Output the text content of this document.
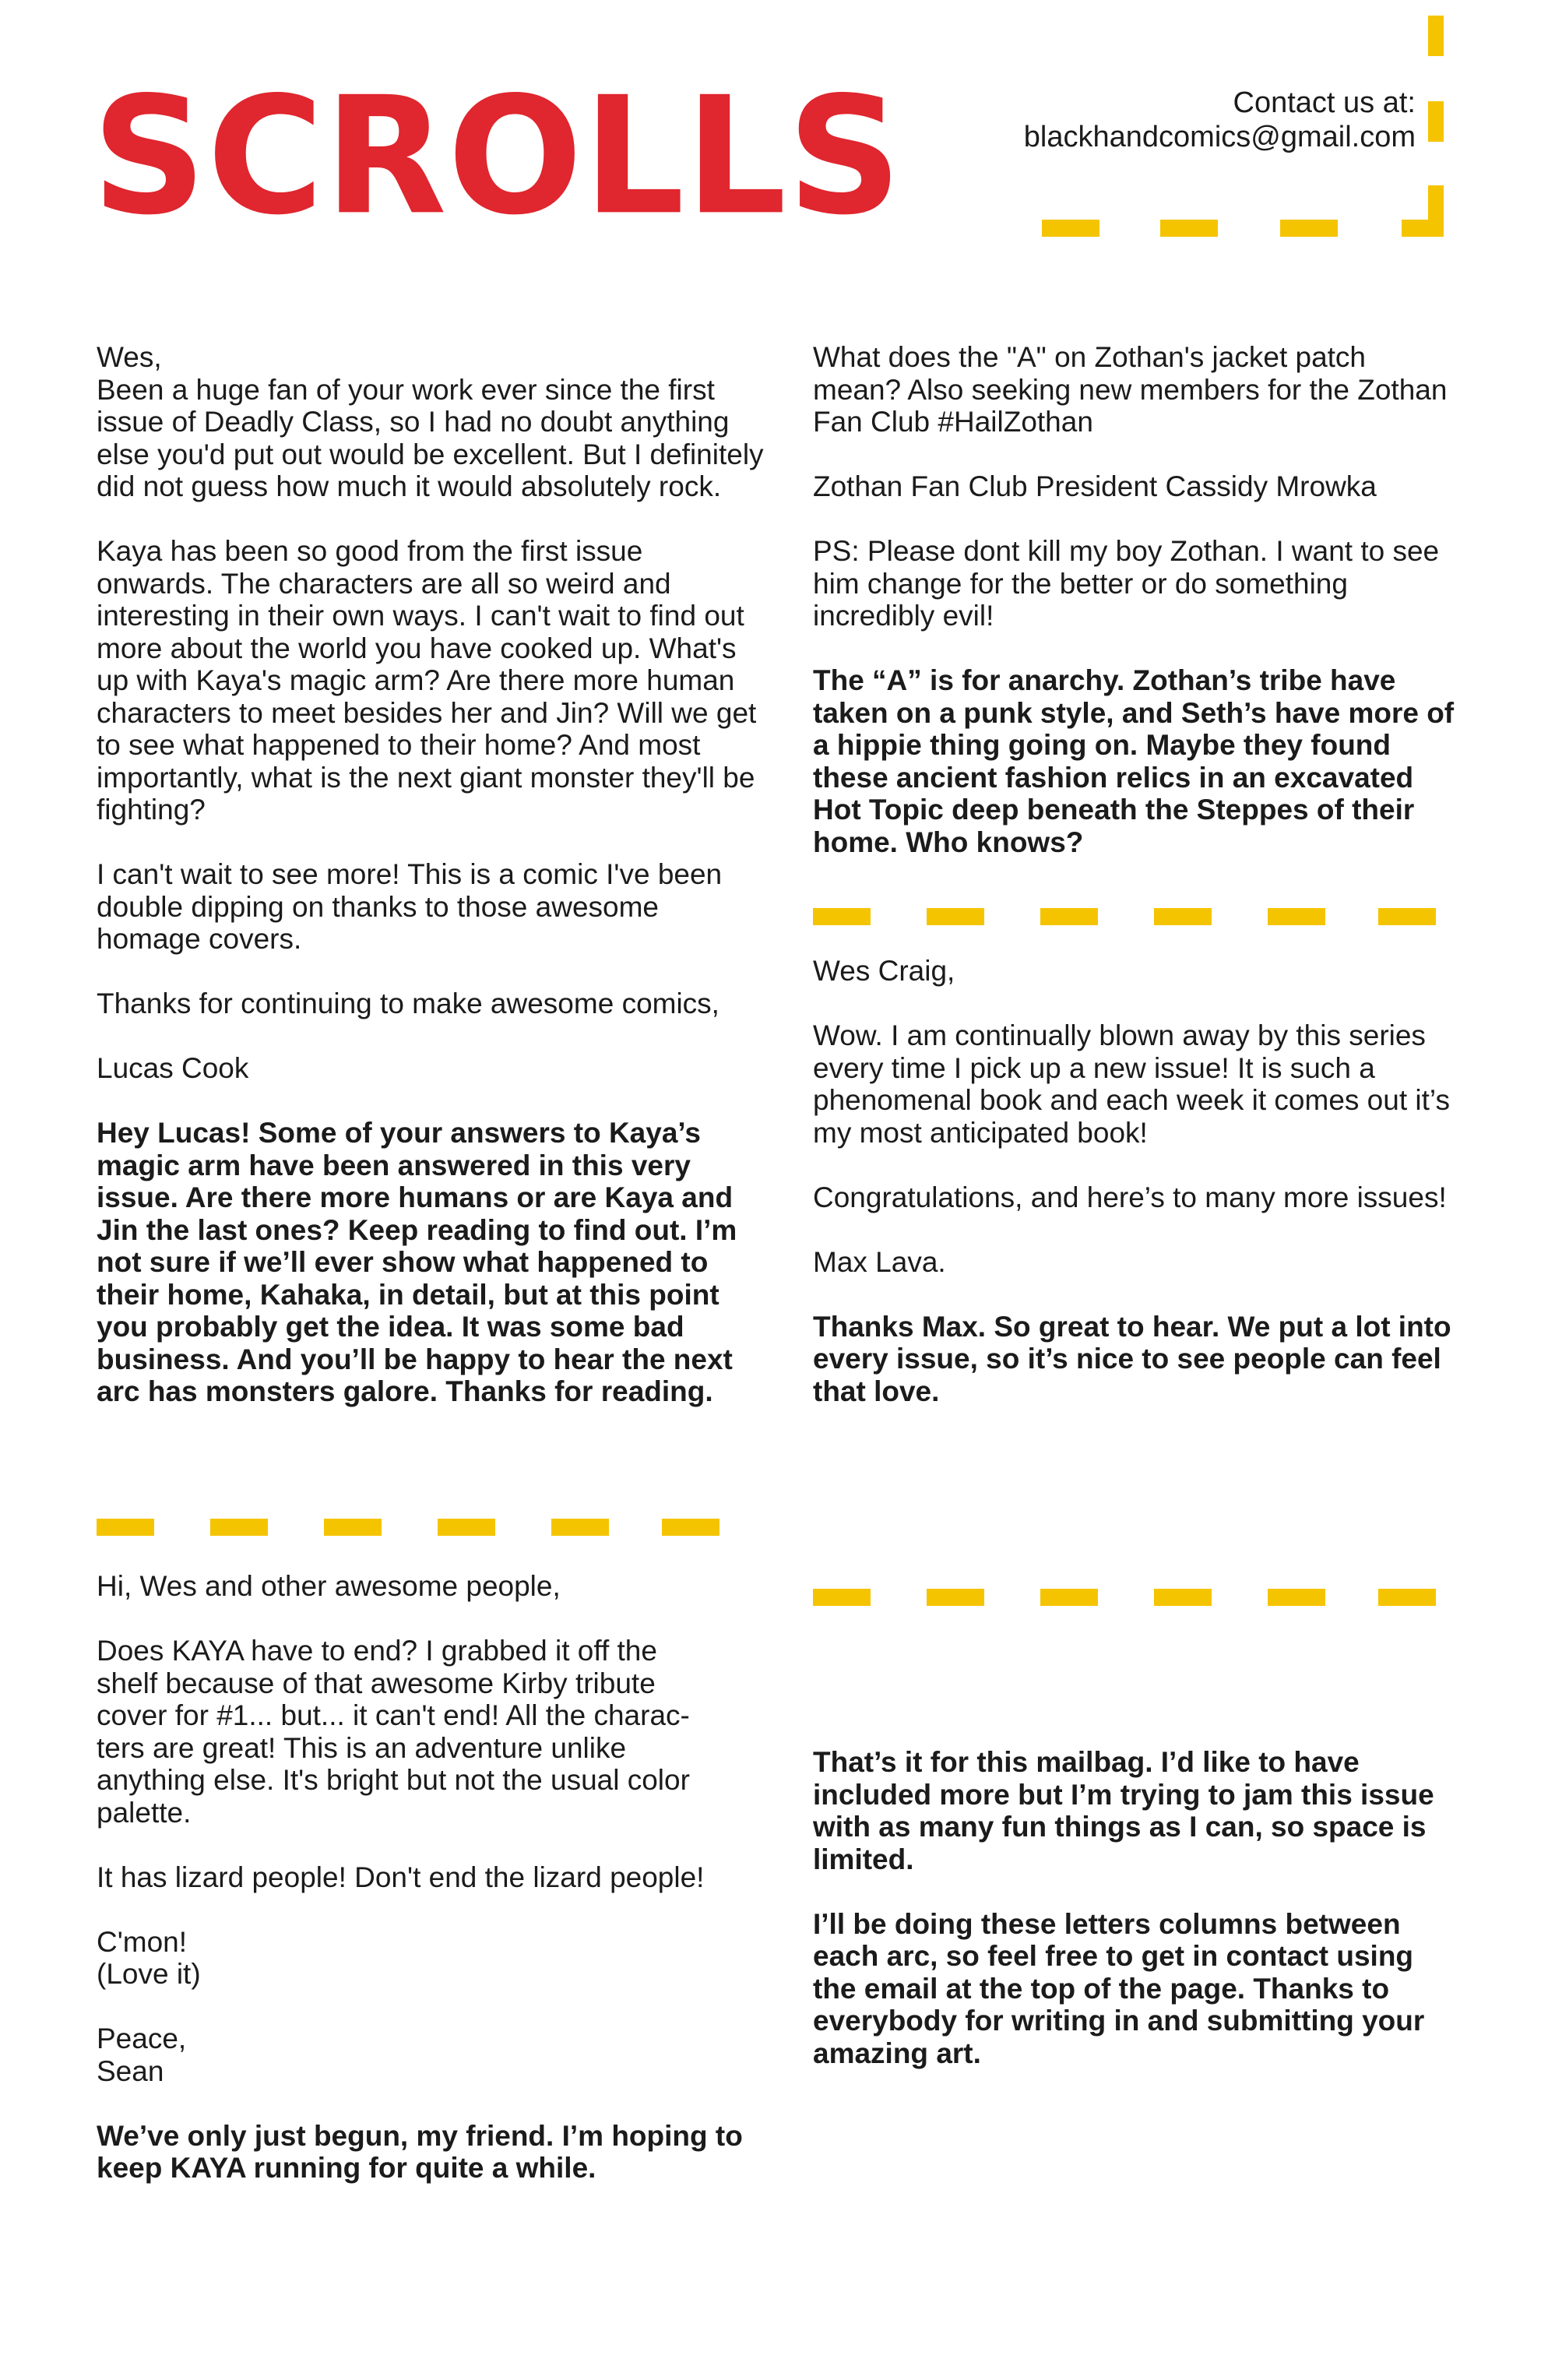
SCROLLS	Contact us at:
blackhandcomics@gmail.com

Wes,

Been a huge fan of your work ever since the first issue of Deadly Class, so I had no doubt anything else you'd put out would be excellent. But I definitely did not guess how much it would absolutely rock.

Kaya has been so good from the first issue onwards. The characters are all so weird and interesting in their own ways. I can't wait to find out more about the world you have cooked up. What's up with Kaya's magic arm? Are there more human characters to meet besides her and Jin? Will we get to see what happened to their home? And most importantly, what is the next giant monster they'll be fighting?

I can't wait to see more! This is a comic I've been double dipping on thanks to those awesome homage covers.

Thanks for continuing to make awesome comics,

Lucas Cook

Hey Lucas! Some of your answers to Kaya’s magic arm have been answered in this very issue. Are there more humans or are Kaya and Jin the last ones? Keep reading to find out. I’m not sure if we’ll ever show what happened to their home, Kahaka, in detail, but at this point you probably get the idea. It was some bad business. And you’ll be happy to hear the next arc has monsters galore. Thanks for reading.

Hi, Wes and other awesome people,

Does KAYA have to end? I grabbed it off the shelf because of that awesome Kirby tribute cover for #1... but... it can't end! All the charac-ters are great! This is an adventure unlike anything else. It's bright but not the usual color palette.

It has lizard people! Don't end the lizard people!

C'mon!
(Love it)

Peace,
Sean

We’ve only just begun, my friend. I’m hoping to keep KAYA running for quite a while.

What does the "A" on Zothan's jacket patch mean? Also seeking new members for the Zothan Fan Club #HailZothan

Zothan Fan Club President Cassidy Mrowka

PS: Please dont kill my boy Zothan. I want to see him change for the better or do something incredibly evil!

The “A” is for anarchy. Zothan’s tribe have taken on a punk style, and Seth’s have more of a hippie thing going on. Maybe they found these ancient fashion relics in an excavated Hot Topic deep beneath the Steppes of their home. Who knows?

Wes Craig,

Wow. I am continually blown away by this series every time I pick up a new issue! It is such a phenomenal book and each week it comes out it’s my most anticipated book!

Congratulations, and here’s to many more issues!

Max Lava.

Thanks Max. So great to hear. We put a lot into every issue, so it’s nice to see people can feel that love.

That’s it for this mailbag. I’d like to have included more but I’m trying to jam this issue with as many fun things as I can, so space is limited.

I’ll be doing these letters columns between each arc, so feel free to get in contact using the email at the top of the page. Thanks to everybody for writing in and submitting your amazing art.
